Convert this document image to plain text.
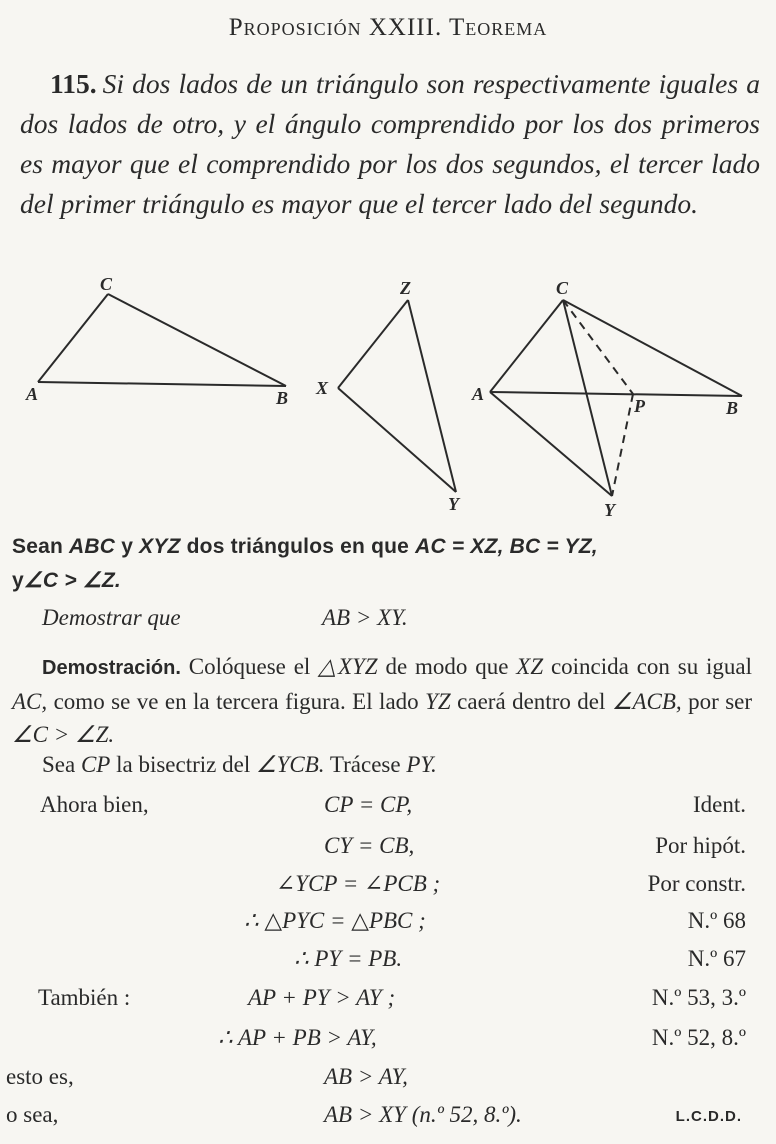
Proposición XXIII. Teorema
115. Si dos lados de un triángulo son respectivamente iguales a dos lados de otro, y el ángulo comprendido por los dos primeros es mayor que el comprendido por los dos segundos, el tercer lado del primer triángulo es mayor que el tercer lado del segundo.
A	B
C
X
Y
Z
A
B
C
P
Y
Sean ABC y XYZ dos triángulos en que AC = XZ, BC = YZ,
y∠C > ∠Z.
Demostrar que	AB > XY.
Demostración. Colóquese el △XYZ de modo que XZ coincida con su igual AC, como se ve en la tercera figura. El lado YZ caerá dentro del ∠ACB, por ser ∠C > ∠Z.
Sea CP la bisectriz del ∠YCB. Trácese PY.
Ahora bien,	CP = CP,	Ident.
CY = CB,	Por hipót.
∠YCP = ∠PCB ;	Por constr.
∴ △PYC = △PBC ;	N.º 68
∴ PY = PB.	N.º 67
También :	AP + PY > AY ;	N.º 53, 3.º
∴ AP + PB > AY,	N.º 52, 8.º
esto es,	AB > AY,
o sea,	AB > XY (n.º 52, 8.º).	L.C.D.D.
